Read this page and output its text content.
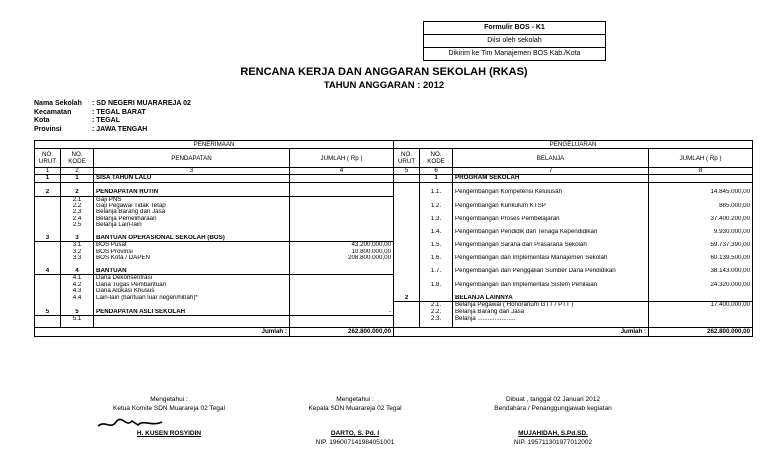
Formulir BOS - K1
Diisi oleh sekolah
Dikirim ke Tim Manajemen BOS Kab./Kota
RENCANA KERJA DAN ANGGARAN SEKOLAH (RKAS)
TAHUN ANGGARAN : 2012
Nama Sekolah : SD NEGERI MUARAREJA 02
Kecamatan	: TEGAL BARAT
Kota	: TEGAL
Provinsi	: JAWA TENGAH
PENERIMAAN				PENGELUARAN			
NO. URUT	NO. KODE	PENDAPATAN	JUMLAH ( Rp )	NO. URUT	NO. KODE	BELANJA	JUMLAH ( Rp )
1	2	3	4	5	6	7	8
1	1	SISA TAHUN LALU			1	PROGRAM SEKOLAH	

2	2	PENDAPATAN RUTIN			1.1.	Pengembangan Kompetensi Kelulusan	14.845.000,00
	2.1	Gaji PNS					
	2.2	Gaji Pegawai Tidak Tetap			1.2.	Pengembangan Kurikulum KTSP	885.000,00
	2.3	Belanja Barang dan Jasa					
	2.4	Belanja Pemeliharaan			1.3.	Pengembangan Proses Pembelajaran	37.400.200,00
	2.5	Belanja Lain-lain					
					1.4.	Pengembangan Pendidik dan Tenaga Kependidikan	9.930.000,00
3	3	BANTUAN OPERASIONAL SEKOLAH (BOS)					
	3.1	BOS Pusat	43.200.000,00		1.5.	Pengembangan Sarana dan Prasarana Sekolah	59.737.390,00
	3.2	BOS Provinsi	10.800.000,00				
	3.3	BOS Kota / DAPEN	208.800.000,00		1.6.	Pengembangan dan Implementasi Manajemen Sekolah	60.139.500,00

4	4	BANTUAN			1.7.	Pengembangan dan Penggalian Sumber Dana Pendidikan	38.143.000,00
	4.1	Dana Dekonsentrasi					
	4.2	Dana Tugas Pembantuan			1.8.	Pengembangan dan Implementasi Sistem Penilaian	24.320.000,00
	4.3	Dana Alokasi Khusus					
	4.4	Lain-lain (bantuan luar negeri/hibah)*		2		BELANJA LAINNYA	
					2.1.	Belanja Pegawai ( Honorarium GTT / PTT )	17.400.000,00
5	5	PENDAPATAN ASLI SEKOLAH	-		2.2.	Belanja Barang dan Jasa	
	5.1				2.3.	Belanja ......................	

Jumlah :			262.800.000,00	Jumlah :			262.800.000,00
Mengetahui :
Ketua Komite SDN Muarareja 02 Tegal
H. KUSEN ROSYIDIN
Mengetahui :
Kepala SDN Muarareja 02 Tegal
DARTO, S. Pd. I
NIP. 196007141984051001
Dibuat , tanggal 02 Januari 2012
Bendahara / Penanggungjawab kegiatan
MUJAHIDAH, S.Pd.SD.
NIP. 195711301977012002
